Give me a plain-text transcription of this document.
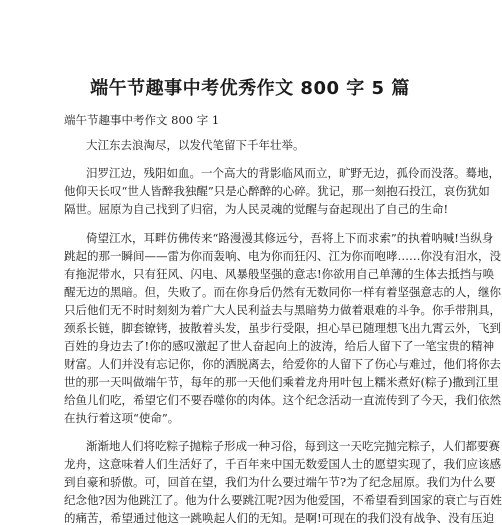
端午节趣事中考优秀作文 800 字 5 篇
端午节趣事中考作文 800 字 1
大江东去浪淘尽，以发代笔留下千年壮举。
汨罗江边，残阳如血。一个高大的背影临风而立，旷野无边，孤伶而没落。蓦地，
他仰天长叹“世人皆醉我独醒”只是心醉醉的心碎。犹记，那一刻抱石投江，哀伤犹如
隔世。屈原为自己找到了归宿，为人民灵魂的觉醒与奋起现出了自己的生命!
倚望江水，耳畔仿佛传来“路漫漫其修远兮，吾将上下而求索”的执着呐喊!当纵身
跳起的那一瞬间——雷为你而轰响、电为你而狂闪、江为你而咆哮……你没有泪水，没
有拖泥带水，只有狂风、闪电、风暴般坚强的意志!你欲用自己单薄的生体去抵挡与唤
醒无边的黑暗。但，失败了。而在你身后仍然有无数同你一样有着坚强意志的人，继你
只后他们无不时时刻刻为着广大人民利益去与黑暗势力做着艰难的斗争。你手带荆具，
颈系长链，脚套镣铐，披散着头发，虽步行受限，担心旱已随理想飞出九霄云外，飞到
百姓的身边去了!你的感叹激起了世人奋起向上的波涛，给后人留下了一笔宝贵的精神
财富。人们并没有忘记你，你的洒脱离去，给爱你的人留下了伤心与难过，他们将你去
世的那一天叫做端午节，每年的那一天他们乘着龙舟用叶包上糯米煮好(粽子)撒到江里
给鱼儿们吃，希望它们不要吞噬你的肉体。这个纪念活动一直流传到了今天，我们依然
在执行着这项“使命”。
渐渐地人们将吃粽子抛粽子形成一种习俗，每到这一天吃完抛完粽子，人们都要赛
龙舟，这意味着人们生活好了，千百年来中国无数爱国人士的愿望实现了，我们应该感
到自豪和骄傲。可，回首在望，我们为什么要过端午节?为了纪念屈原。我们为什么要
纪念他?因为他跳江了。他为什么要跳江呢?因为他爱国，不希望看到国家的衰亡与百姓
的痛苦，希望通过他这一跳唤起人们的无知。是啊!可现在的我们没有战争、没有压迫
